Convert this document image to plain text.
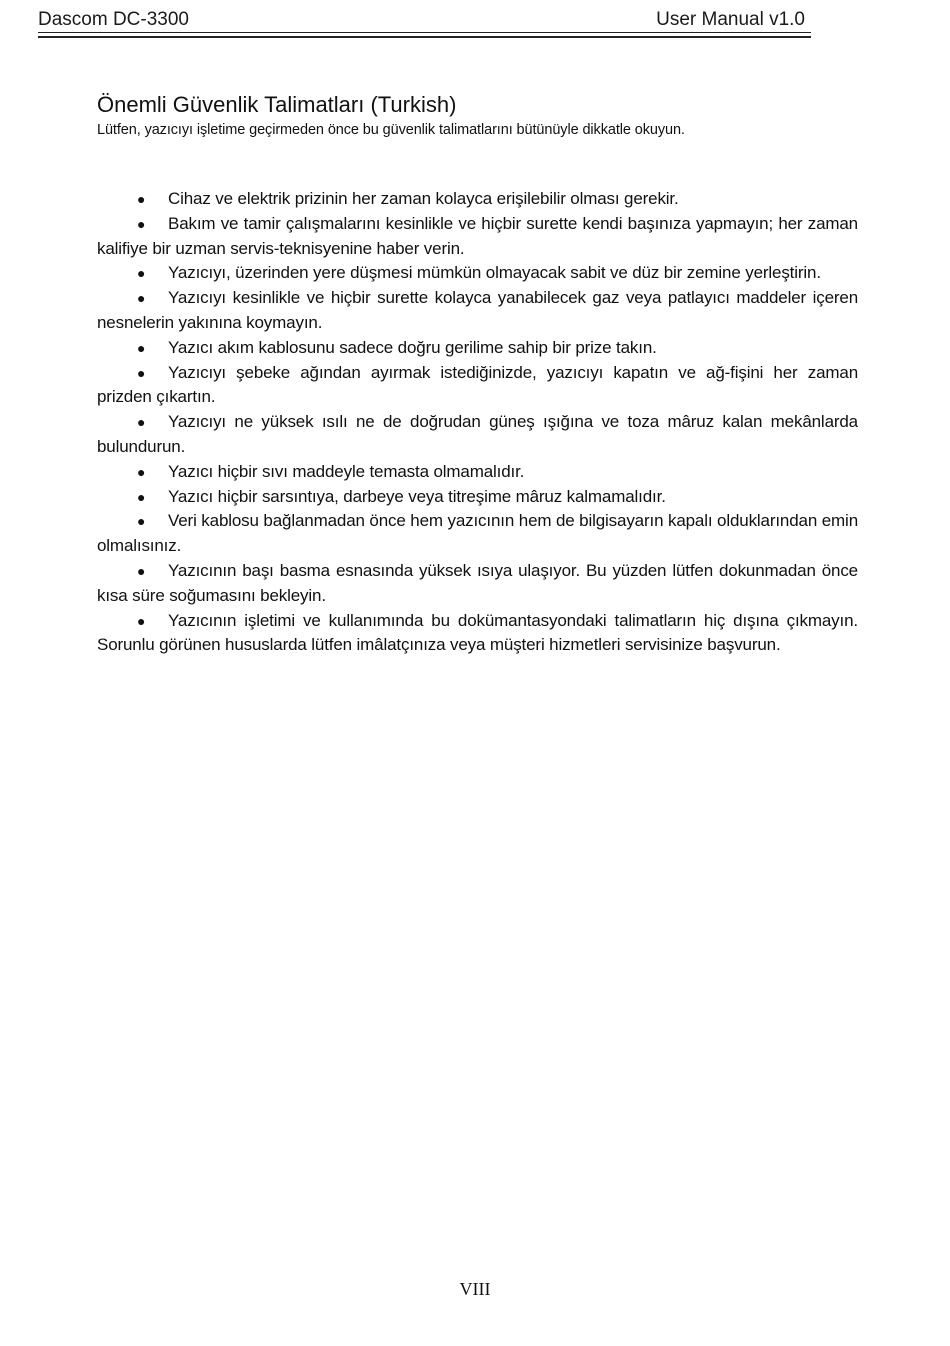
Dascom DC-3300	User Manual v1.0
Önemli Güvenlik Talimatları (Turkish)

Lütfen, yazıcıyı işletime geçirmeden önce bu güvenlik talimatlarını bütünüyle dikkatle okuyun.

● Cihaz ve elektrik prizinin her zaman kolayca erişilebilir olması gerekir.
● Bakım ve tamir çalışmalarını kesinlikle ve hiçbir surette kendi başınıza yapmayın; her zaman kalifiye bir uzman servis-teknisyenine haber verin.
● Yazıcıyı, üzerinden yere düşmesi mümkün olmayacak sabit ve düz bir zemine yerleştirin.
● Yazıcıyı kesinlikle ve hiçbir surette kolayca yanabilecek gaz veya patlayıcı maddeler içeren nesnelerin yakınına koymayın.
● Yazıcı akım kablosunu sadece doğru gerilime sahip bir prize takın.
● Yazıcıyı şebeke ağından ayırmak istediğinizde, yazıcıyı kapatın ve ağ-fişini her zaman prizden çıkartın.
● Yazıcıyı ne yüksek ısılı ne de doğrudan güneş ışığına ve toza mâruz kalan mekânlarda bulundurun.
● Yazıcı hiçbir sıvı maddeyle temasta olmamalıdır.
● Yazıcı hiçbir sarsıntıya, darbeye veya titreşime mâruz kalmamalıdır.
● Veri kablosu bağlanmadan önce hem yazıcının hem de bilgisayarın kapalı olduklarından emin olmalısınız.
● Yazıcının başı basma esnasında yüksek ısıya ulaşıyor. Bu yüzden lütfen dokunmadan önce kısa süre soğumasını bekleyin.
● Yazıcının işletimi ve kullanımında bu dokümantasyondaki talimatların hiç dışına çıkmayın. Sorunlu görünen hususlarda lütfen imâlatçınıza veya müşteri hizmetleri servisinize başvurun.
VIII
